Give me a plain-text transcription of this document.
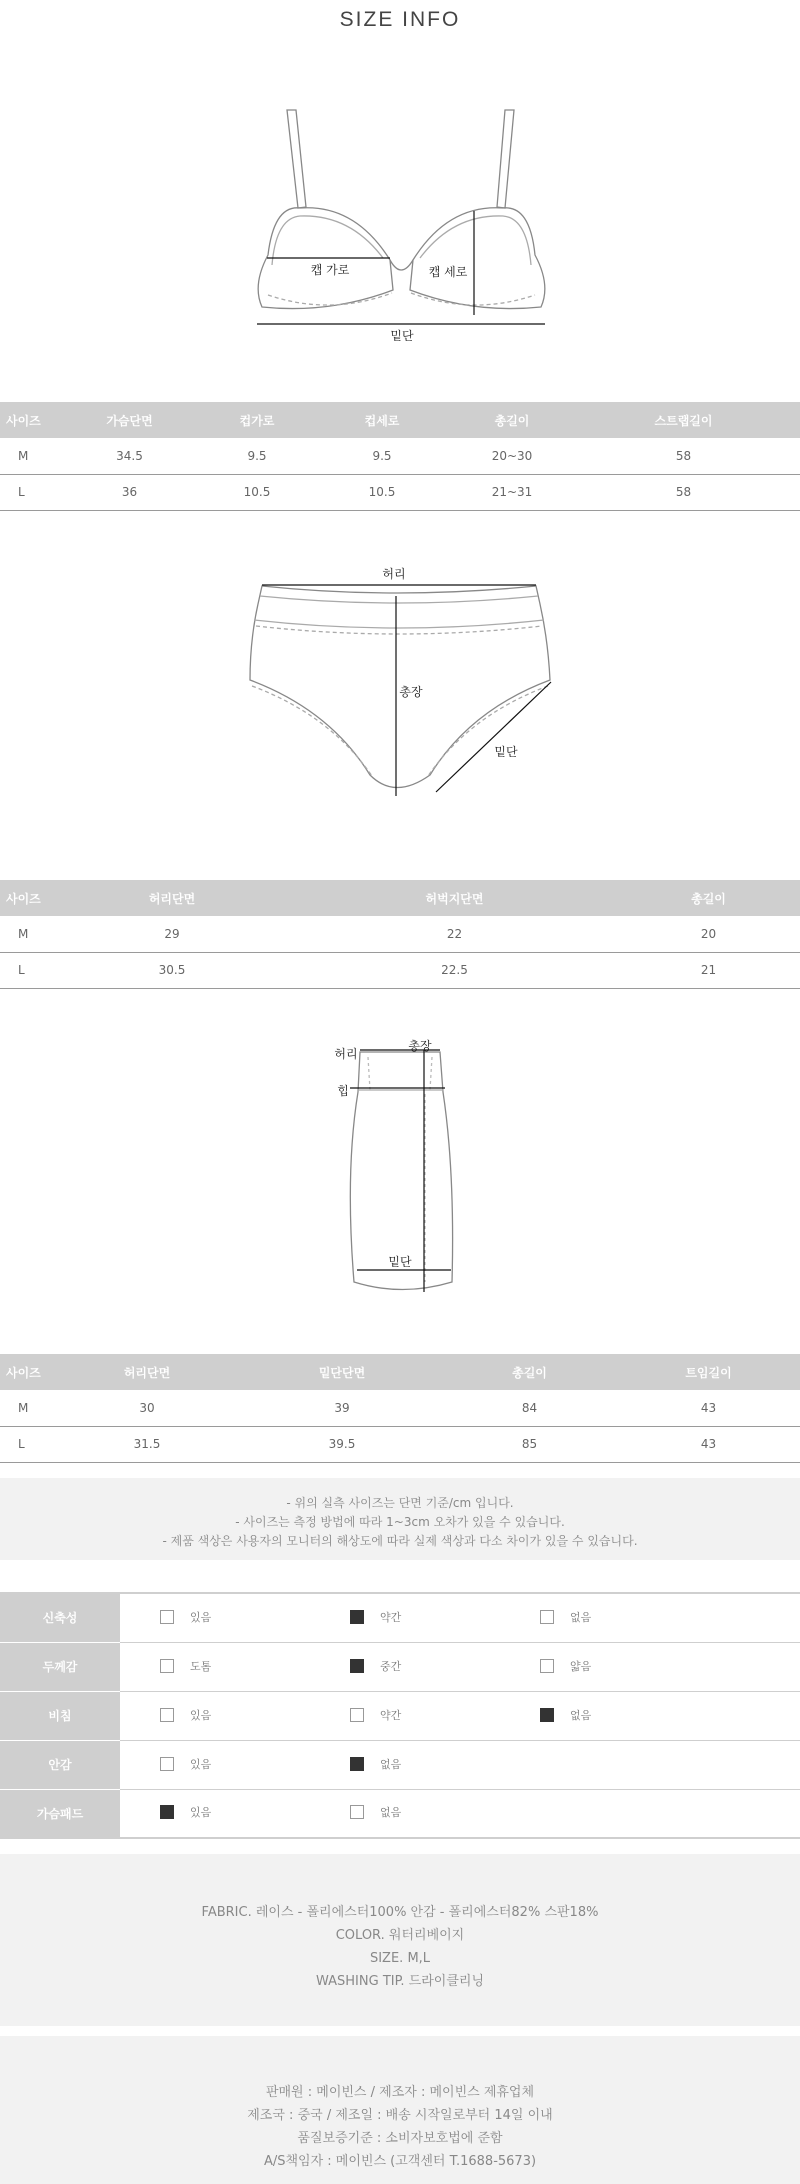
SIZE INFO
캡 가로	캡 세로
밑단
사이즈	가슴단면	컵가로	컵세로	총길이	스트랩길이
M	34.5	9.5	9.5	20~30	58
L	36	10.5	10.5	21~31	58
허리
총장
밑단
사이즈	허리단면	허벅지단면	총길이
M	29	22	20
L	30.5	22.5	21
허리
총장
힙
밑단
사이즈	허리단면	밑단단면	총길이	트임길이
M	30	39	84	43
L	31.5	39.5	85	43
- 위의 실측 사이즈는 단면 기준/cm 입니다.
- 사이즈는 측정 방법에 따라 1~3cm 오차가 있을 수 있습니다.
- 제품 색상은 사용자의 모니터의 해상도에 따라 실제 색상과 다소 차이가 있을 수 있습니다.
신축성	있음	약간	없음

두께감	도톰	중간	얇음

비침	있음	약간	없음

안감	있음	없음	

가슴패드	있음	없음	

FABRIC. 레이스 - 폴리에스터100% 안감 - 폴리에스터82% 스판18%
COLOR. 워터리베이지
SIZE. M,L
WASHING TIP. 드라이클리닝
판매원 : 메이빈스 / 제조자 : 메이빈스 제휴업체
제조국 : 중국 / 제조일 : 배송 시작일로부터 14일 이내
품질보증기준 : 소비자보호법에 준함
A/S책임자 : 메이빈스 (고객센터 T.1688-5673)
